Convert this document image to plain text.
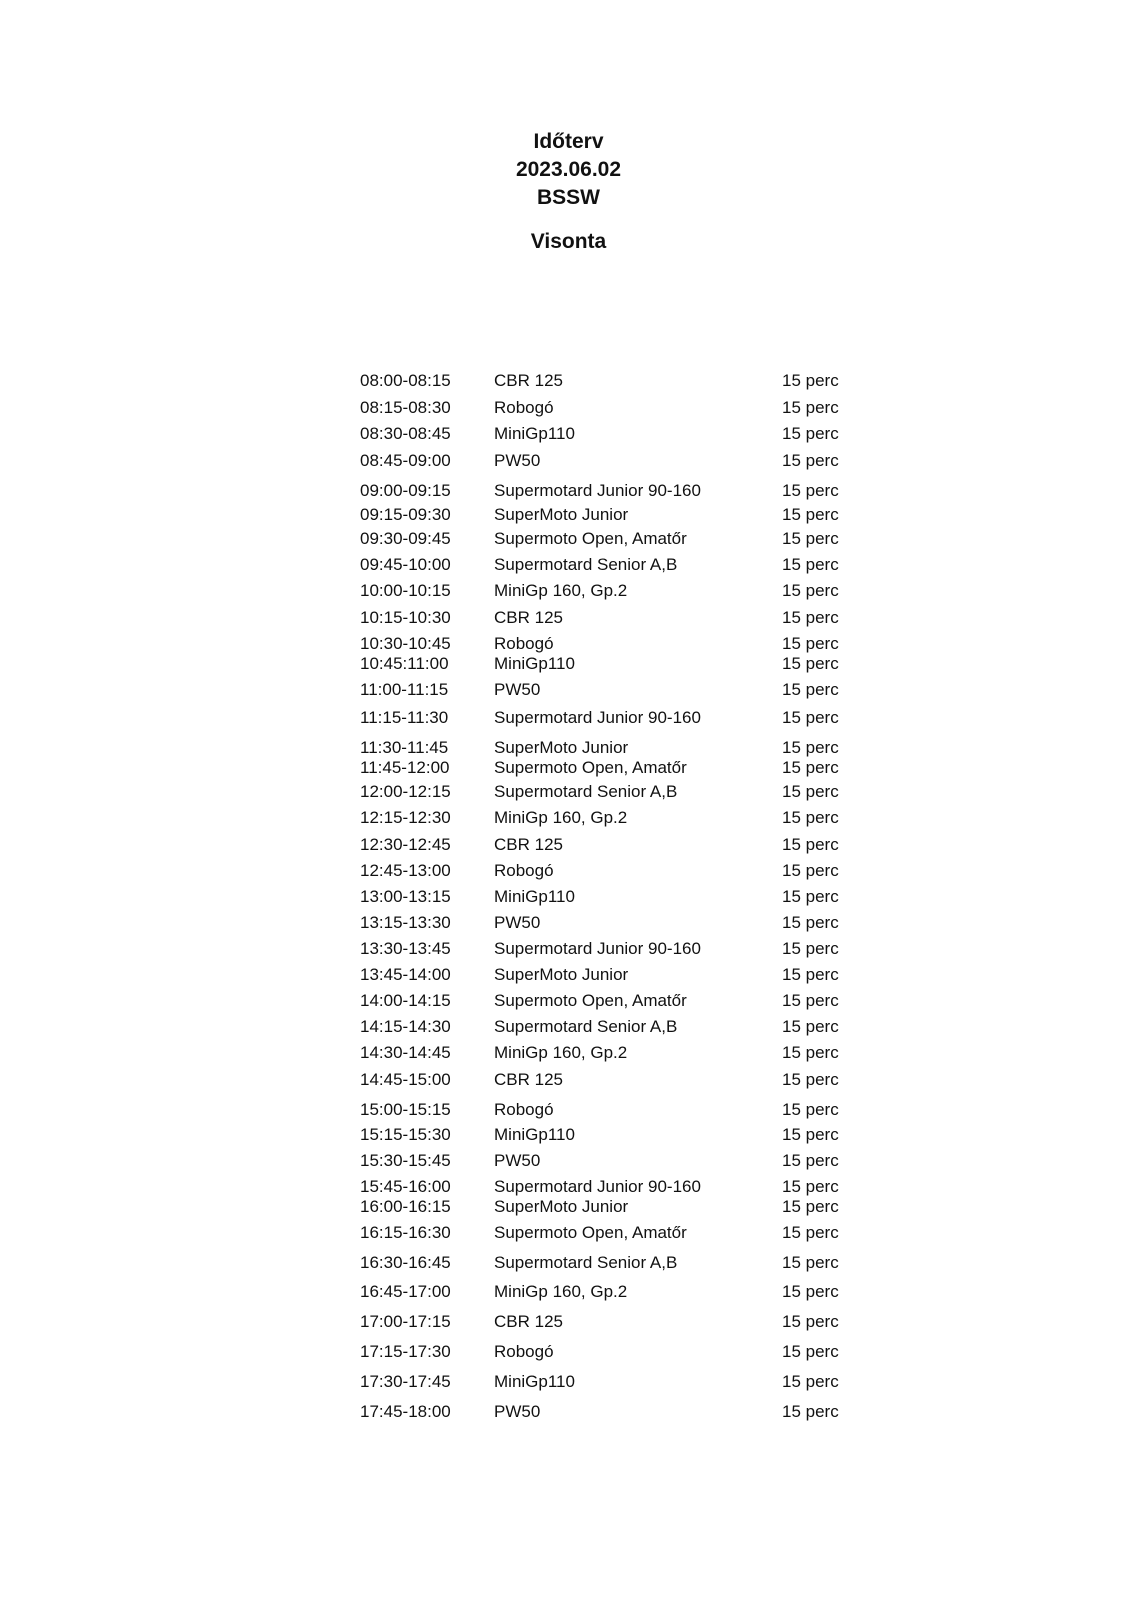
Időterv
2023.06.02
BSSW
Visonta
08:00-08:15	CBR 125	15 perc
08:15-08:30	Robogó	15 perc
08:30-08:45	MiniGp110	15 perc
08:45-09:00	PW50	15 perc
09:00-09:15	Supermotard Junior 90-160	15 perc
09:15-09:30	SuperMoto Junior	15 perc
09:30-09:45	Supermoto Open, Amatőr	15 perc
09:45-10:00	Supermotard Senior A,B	15 perc
10:00-10:15	MiniGp 160, Gp.2	15 perc
10:15-10:30	CBR 125	15 perc
10:30-10:45	Robogó	15 perc
10:45:11:00	MiniGp110	15 perc
11:00-11:15	PW50	15 perc
11:15-11:30	Supermotard Junior 90-160	15 perc
11:30-11:45	SuperMoto Junior	15 perc
11:45-12:00	Supermoto Open, Amatőr	15 perc
12:00-12:15	Supermotard Senior A,B	15 perc
12:15-12:30	MiniGp 160, Gp.2	15 perc
12:30-12:45	CBR 125	15 perc
12:45-13:00	Robogó	15 perc
13:00-13:15	MiniGp110	15 perc
13:15-13:30	PW50	15 perc
13:30-13:45	Supermotard Junior 90-160	15 perc
13:45-14:00	SuperMoto Junior	15 perc
14:00-14:15	Supermoto Open, Amatőr	15 perc
14:15-14:30	Supermotard Senior A,B	15 perc
14:30-14:45	MiniGp 160, Gp.2	15 perc
14:45-15:00	CBR 125	15 perc
15:00-15:15	Robogó	15 perc
15:15-15:30	MiniGp110	15 perc
15:30-15:45	PW50	15 perc
15:45-16:00	Supermotard Junior 90-160	15 perc
16:00-16:15	SuperMoto Junior	15 perc
16:15-16:30	Supermoto Open, Amatőr	15 perc
16:30-16:45	Supermotard Senior A,B	15 perc
16:45-17:00	MiniGp 160, Gp.2	15 perc
17:00-17:15	CBR 125	15 perc
17:15-17:30	Robogó	15 perc
17:30-17:45	MiniGp110	15 perc
17:45-18:00	PW50	15 perc
